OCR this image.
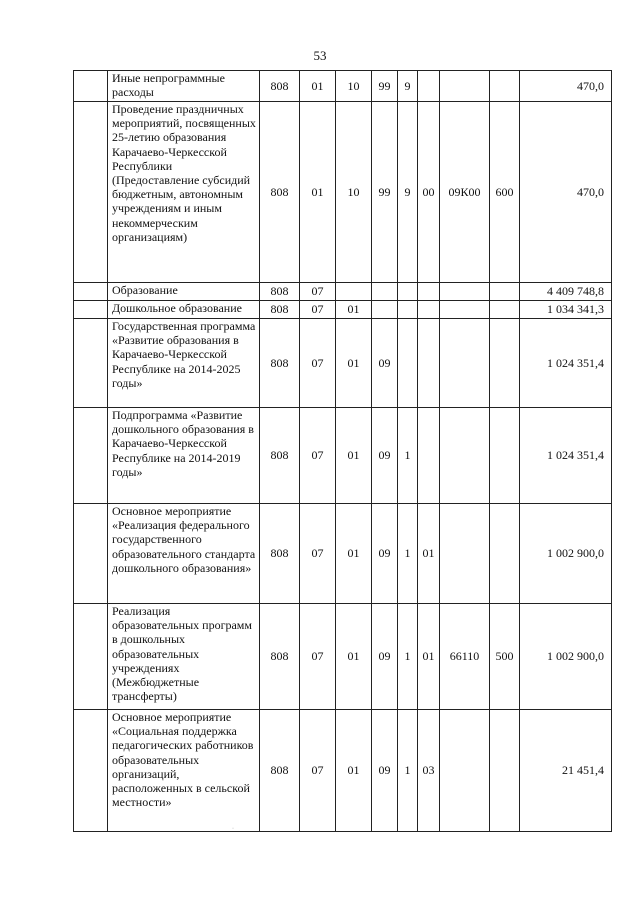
53
	Иные непрограммные расходы	808	01	10	99	9				470,0
	Проведение праздничных мероприятий, посвященных 25-летию образования Карачаево-Черкесской Республики (Предоставление субсидий бюджетным, автономным учреждениям и иным некоммерческим организациям)	808	01	10	99	9	00	09К00	600	470,0
	Образование	808	07							4 409 748,8
	Дошкольное образование	808	07	01						1 034 341,3
	Государственная программа «Развитие образования в Карачаево-Черкесской Республике на 2014-2025 годы»	808	07	01	09					1 024 351,4
	Подпрограмма «Развитие дошкольного образования в Карачаево-Черкесской Республике на 2014-2019 годы»	808	07	01	09	1				1 024 351,4
	Основное мероприятие «Реализация федерального государственного образовательного стандарта дошкольного образования»	808	07	01	09	1	01			1 002 900,0
	Реализация образовательных программ в дошкольных образовательных учреждениях (Межбюджетные трансферты)	808	07	01	09	1	01	66110	500	1 002 900,0
	Основное мероприятие «Социальная поддержка педагогических работников образовательных организаций, расположенных в сельской местности»	808	07	01	09	1	03			21 451,4
·
